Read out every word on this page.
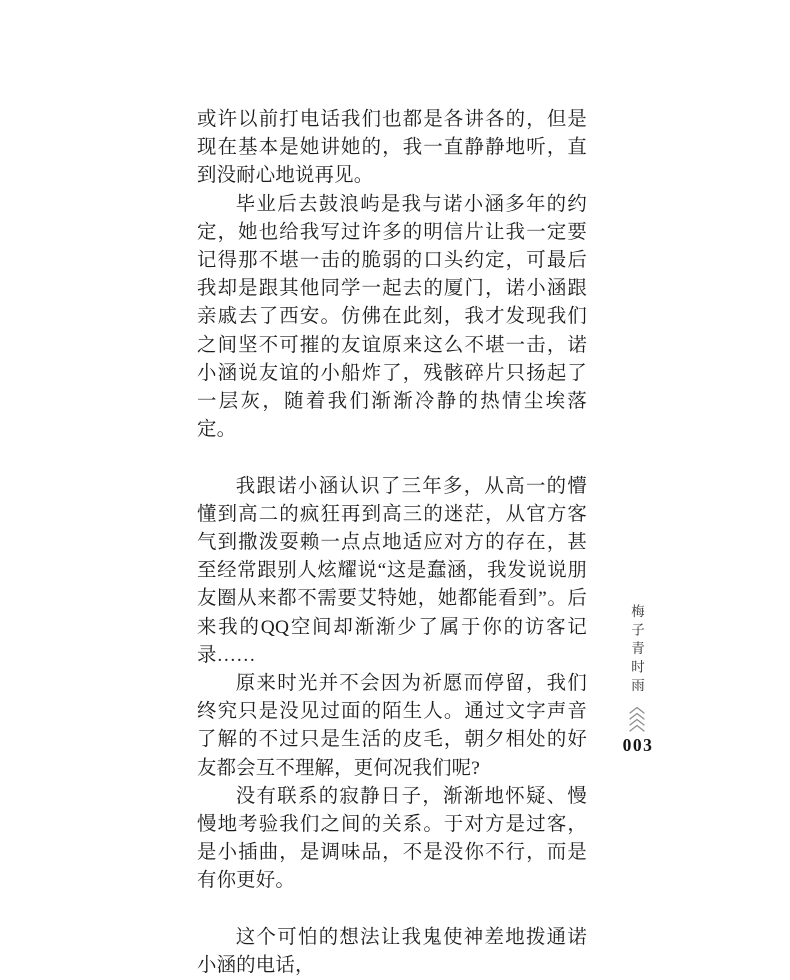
或许以前打电话我们也都是各讲各的，但是现在基本是她讲她的，我一直静静地听，直到没耐心地说再见。

毕业后去鼓浪屿是我与诺小涵多年的约定，她也给我写过许多的明信片让我一定要记得那不堪一击的脆弱的口头约定，可最后我却是跟其他同学一起去的厦门，诺小涵跟亲戚去了西安。仿佛在此刻，我才发现我们之间坚不可摧的友谊原来这么不堪一击，诺小涵说友谊的小船炸了，残骸碎片只扬起了一层灰，随着我们渐渐冷静的热情尘埃落定。

我跟诺小涵认识了三年多，从高一的懵懂到高二的疯狂再到高三的迷茫，从官方客气到撒泼耍赖一点点地适应对方的存在，甚至经常跟别人炫耀说“这是蠢涵，我发说说朋友圈从来都不需要艾特她，她都能看到”。后来我的QQ空间却渐渐少了属于你的访客记录……

原来时光并不会因为祈愿而停留，我们终究只是没见过面的陌生人。通过文字声音了解的不过只是生活的皮毛，朝夕相处的好友都会互不理解，更何况我们呢?

没有联系的寂静日子，渐渐地怀疑、慢慢地考验我们之间的关系。于对方是过客，是小插曲，是调味品，不是没你不行，而是有你更好。

这个可怕的想法让我鬼使神差地拨通诺小涵的电话，

梅子青时雨
003
